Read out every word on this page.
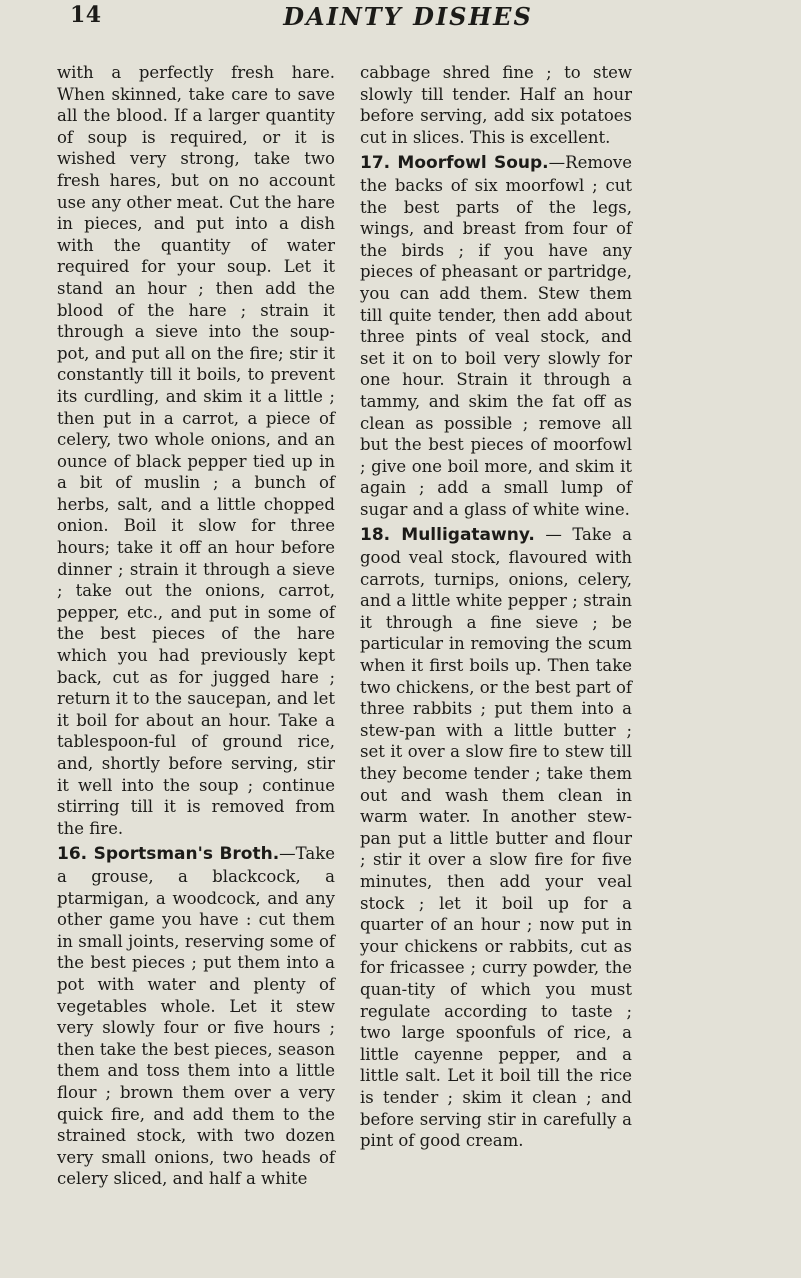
14	DAINTY DISHES

with a perfectly fresh hare. When skinned, take care to save all the blood. If a larger quantity of soup is required, or it is wished very strong, take two fresh hares, but on no account use any other meat. Cut the hare in pieces, and put into a dish with the quantity of water required for your soup. Let it stand an hour ; then add the blood of the hare ; strain it through a sieve into the soup-pot, and put all on the fire; stir it constantly till it boils, to prevent its curdling, and skim it a little ; then put in a carrot, a piece of celery, two whole onions, and an ounce of black pepper tied up in a bit of muslin ; a bunch of herbs, salt, and a little chopped onion. Boil it slow for three hours; take it off an hour before dinner ; strain it through a sieve ; take out the onions, carrot, pepper, etc., and put in some of the best pieces of the hare which you had previously kept back, cut as for jugged hare ; return it to the saucepan, and let it boil for about an hour. Take a tablespoon-ful of ground rice, and, shortly before serving, stir it well into the soup ; continue stirring till it is removed from the fire.

16. Sportsman's Broth.—Take a grouse, a blackcock, a ptarmigan, a woodcock, and any other game you have : cut them in small joints, reserving some of the best pieces ; put them into a pot with water and plenty of vegetables whole. Let it stew very slowly four or five hours ; then take the best pieces, season them and toss them into a little flour ; brown them over a very quick fire, and add them to the strained stock, with two dozen very small onions, two heads of celery sliced, and half a white

cabbage shred fine ; to stew slowly till tender. Half an hour before serving, add six potatoes cut in slices. This is excellent.

17. Moorfowl Soup.—Remove the backs of six moorfowl ; cut the best parts of the legs, wings, and breast from four of the birds ; if you have any pieces of pheasant or partridge, you can add them. Stew them till quite tender, then add about three pints of veal stock, and set it on to boil very slowly for one hour. Strain it through a tammy, and skim the fat off as clean as possible ; remove all but the best pieces of moorfowl ; give one boil more, and skim it again ; add a small lump of sugar and a glass of white wine.

18. Mulligatawny. — Take a good veal stock, flavoured with carrots, turnips, onions, celery, and a little white pepper ; strain it through a fine sieve ; be particular in removing the scum when it first boils up. Then take two chickens, or the best part of three rabbits ; put them into a stew-pan with a little butter ; set it over a slow fire to stew till they become tender ; take them out and wash them clean in warm water. In another stew-pan put a little butter and flour ; stir it over a slow fire for five minutes, then add your veal stock ; let it boil up for a quarter of an hour ; now put in your chickens or rabbits, cut as for fricassee ; curry powder, the quan-tity of which you must regulate according to taste ; two large spoonfuls of rice, a little cayenne pepper, and a little salt. Let it boil till the rice is tender ; skim it clean ; and before serving stir in carefully a pint of good cream.
